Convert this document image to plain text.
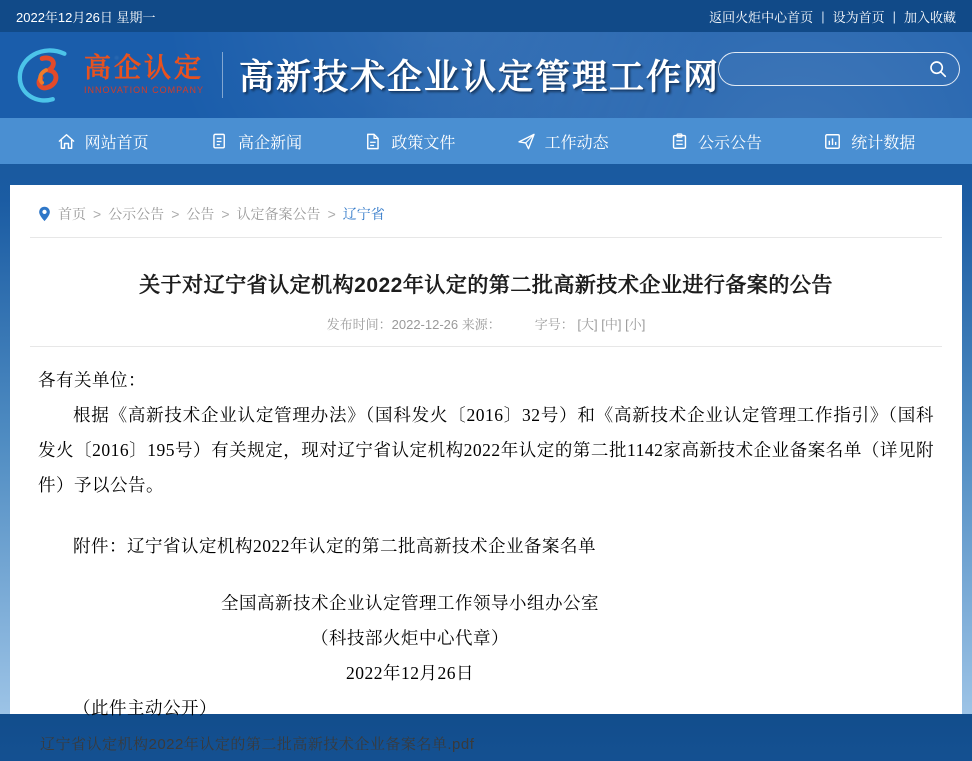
2022年12月26日 星期一	返回火炬中心首页 | 设为首页 | 加入收藏
高企认定
INNOVATION COMPANY 高新技术企业认定管理工作网
网站首页	高企新闻	政策文件	工作动态	公示公告	统计数据
首页 > 公示公告 > 公告 > 认定备案公告 > 辽宁省
关于对辽宁省认定机构2022年认定的第二批高新技术企业进行备案的公告
发布时间：2022-12-26 来源：	字号： [大] [中] [小]

各有关单位：

根据《高新技术企业认定管理办法》（国科发火〔2016〕32号）和《高新技术企业认定管理工作指引》（国科发火〔2016〕195号）有关规定，现对辽宁省认定机构2022年认定的第二批1142家高新技术企业备案名单（详见附件）予以公告。

附件：辽宁省认定机构2022年认定的第二批高新技术企业备案名单

全国高新技术企业认定管理工作领导小组办公室

（科技部火炬中心代章）

2022年12月26日

（此件主动公开）

辽宁省认定机构2022年认定的第二批高新技术企业备案名单.pdf
